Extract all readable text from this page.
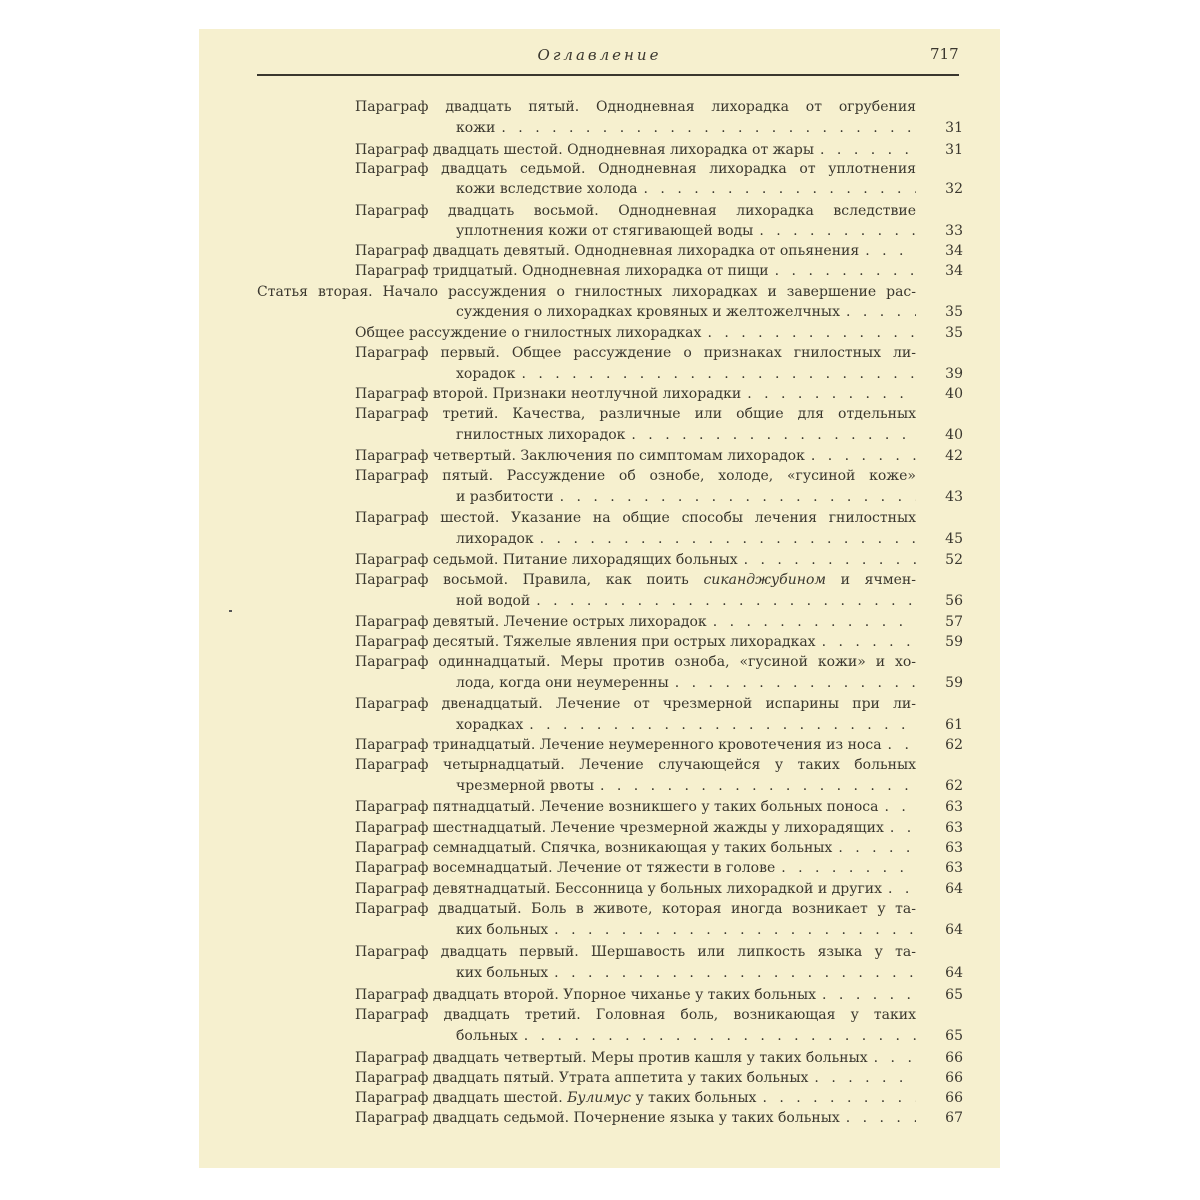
Оглавление	717
Параграф двадцать пятый. Однодневная лихорадка от огрубения
кожи . . .	31
Параграф двадцать шестой. Однодневная лихорадка от жары . . .	31
Параграф двадцать седьмой. Однодневная лихорадка от уплотнения
кожи вследствие холода . . .	32
Параграф двадцать восьмой. Однодневная лихорадка вследствие
уплотнения кожи от стягивающей воды . . .	33
Параграф двадцать девятый. Однодневная лихорадка от опьянения . . .	34
Параграф тридцатый. Однодневная лихорадка от пищи . . .	34
Статья вторая. Начало рассуждения о гнилостных лихорадках и завершение рас-
суждения о лихорадках кровяных и желтожелчных . . .	35
Общее рассуждение о гнилостных лихорадках . . .	35
Параграф первый. Общее рассуждение о признаках гнилостных ли-
хорадок . . .	39
Параграф второй. Признаки неотлучной лихорадки . . .	40
Параграф третий. Качества, различные или общие для отдельных
гнилостных лихорадок . . .	40
Параграф четвертый. Заключения по симптомам лихорадок . . .	42
Параграф пятый. Рассуждение об ознобе, холоде, «гусиной коже»
и разбитости . . .	43
Параграф шестой. Указание на общие способы лечения гнилостных
лихорадок . . .	45
Параграф седьмой. Питание лихорадящих больных . . .	52
Параграф восьмой. Правила, как поить сиканджубином и ячмен-
ной водой . . .	56
Параграф девятый. Лечение острых лихорадок . . .	57
Параграф десятый. Тяжелые явления при острых лихорадках . . .	59
Параграф одиннадцатый. Меры против озноба, «гусиной кожи» и хо-
лода, когда они неумеренны . . .	59
Параграф двенадцатый. Лечение от чрезмерной испарины при ли-
хорадках . . .	61
Параграф тринадцатый. Лечение неумеренного кровотечения из носа . . .	62
Параграф четырнадцатый. Лечение случающейся у таких больных
чрезмерной рвоты . . .	62
Параграф пятнадцатый. Лечение возникшего у таких больных поноса . . .	63
Параграф шестнадцатый. Лечение чрезмерной жажды у лихорадящих . . .	63
Параграф семнадцатый. Спячка, возникающая у таких больных . . .	63
Параграф восемнадцатый. Лечение от тяжести в голове . . .	63
Параграф девятнадцатый. Бессонница у больных лихорадкой и других . . .	64
Параграф двадцатый. Боль в животе, которая иногда возникает у та-
ких больных . . .	64
Параграф двадцать первый. Шершавость или липкость языка у та-
ких больных . . .	64
Параграф двадцать второй. Упорное чиханье у таких больных . . .	65
Параграф двадцать третий. Головная боль, возникающая у таких
больных . . .	65
Параграф двадцать четвертый. Меры против кашля у таких больных . . .	66
Параграф двадцать пятый. Утрата аппетита у таких больных . . .	66
Параграф двадцать шестой. Булимус у таких больных . . .	66
Параграф двадцать седьмой. Почернение языка у таких больных . . .	67
